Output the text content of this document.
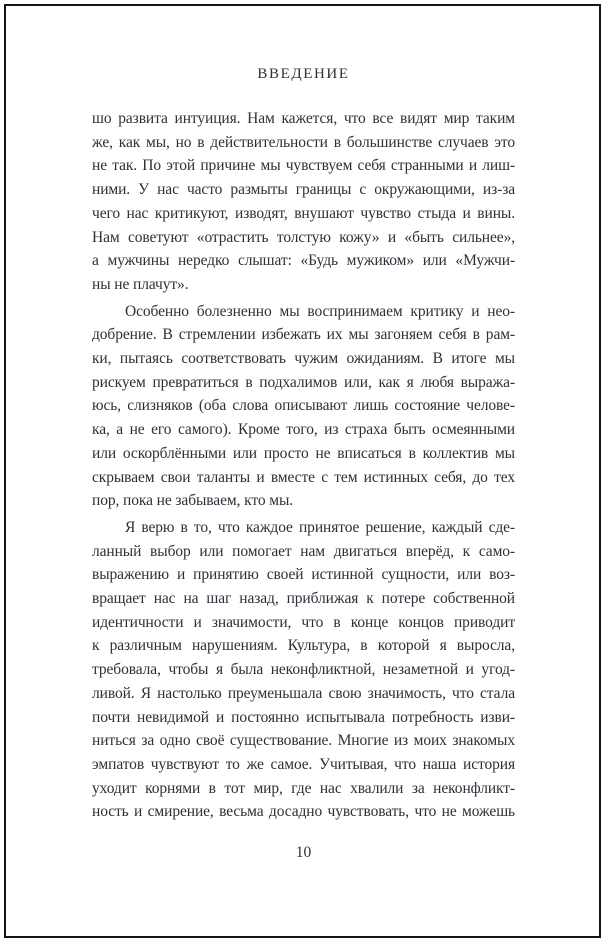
ВВЕДЕНИЕ
шо развита интуиция. Нам кажется, что все видят мир таким
же, как мы, но в действительности в большинстве случаев это
не так. По этой причине мы чувствуем себя странными и лиш-
ними. У нас часто размыты границы с окружающими, из-за
чего нас критикуют, изводят, внушают чувство стыда и вины.
Нам советуют «отрастить толстую кожу» и «быть сильнее»,
а мужчины нередко слышат: «Будь мужиком» или «Мужчи-
ны не плачут».
Особенно болезненно мы воспринимаем критику и нео-
добрение. В стремлении избежать их мы загоняем себя в рам-
ки, пытаясь соответствовать чужим ожиданиям. В итоге мы
рискуем превратиться в подхалимов или, как я любя выража-
юсь, слизняков (оба слова описывают лишь состояние челове-
ка, а не его самого). Кроме того, из страха быть осмеянными
или оскорблёнными или просто не вписаться в коллектив мы
скрываем свои таланты и вместе с тем истинных себя, до тех
пор, пока не забываем, кто мы.
Я верю в то, что каждое принятое решение, каждый сде-
ланный выбор или помогает нам двигаться вперёд, к само-
выражению и принятию своей истинной сущности, или воз-
вращает нас на шаг назад, приближая к потере собственной
идентичности и значимости, что в конце концов приводит
к различным нарушениям. Культура, в которой я выросла,
требовала, чтобы я была неконфликтной, незаметной и угод-
ливой. Я настолько преуменьшала свою значимость, что стала
почти невидимой и постоянно испытывала потребность изви-
ниться за одно своё существование. Многие из моих знакомых
эмпатов чувствуют то же самое. Учитывая, что наша история
уходит корнями в тот мир, где нас хвалили за неконфликт-
ность и смирение, весьма досадно чувствовать, что не можешь
10
